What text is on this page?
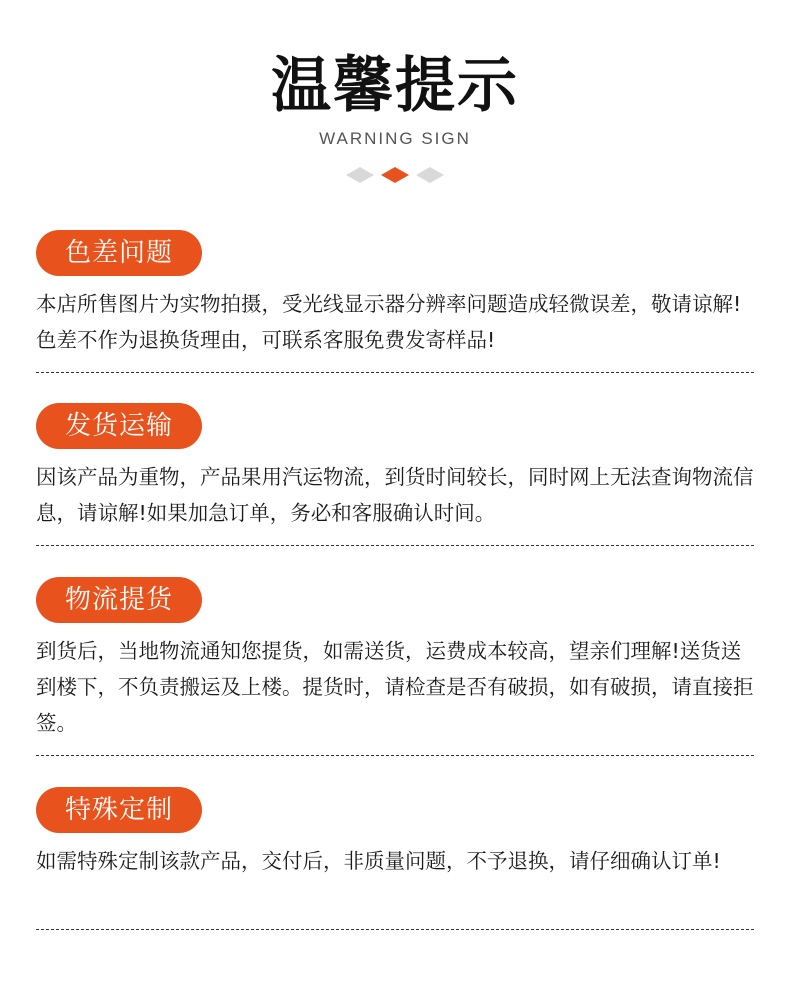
温馨提示
WARNING SIGN
色差问题
本店所售图片为实物拍摄，受光线显示器分辨率问题造成轻微误差，敬请谅解!色差不作为退换货理由，可联系客服免费发寄样品!
发货运输
因该产品为重物，产品果用汽运物流，到货时间较长，同时网上无法查询物流信息，请谅解!如果加急订单，务必和客服确认时间。
物流提货
到货后，当地物流通知您提货，如需送货，运费成本较高，望亲们理解!送货送到楼下，不负责搬运及上楼。提货时，请检查是否有破损，如有破损，请直接拒签。
特殊定制
如需特殊定制该款产品，交付后，非质量问题，不予退换，请仔细确认订单!
